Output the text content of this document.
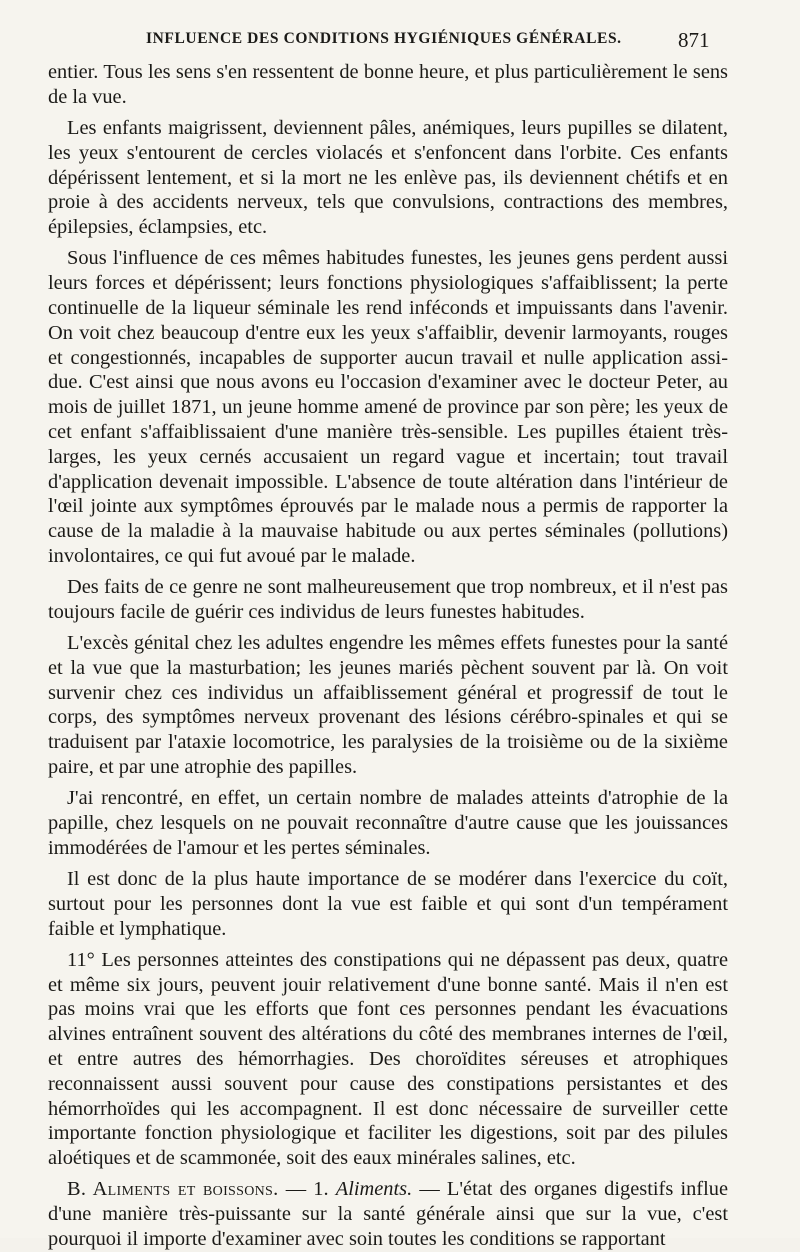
INFLUENCE DES CONDITIONS HYGIÉNIQUES GÉNÉRALES.	871

entier. Tous les sens s'en ressentent de bonne heure, et plus particulièrement le sens de la vue.

Les enfants maigrissent, deviennent pâles, anémiques, leurs pupilles se dilatent, les yeux s'entourent de cercles violacés et s'enfoncent dans l'orbite. Ces enfants dépérissent lentement, et si la mort ne les enlève pas, ils deviennent chétifs et en proie à des accidents nerveux, tels que convulsions, contractions des membres, épilepsies, éclampsies, etc.

Sous l'influence de ces mêmes habitudes funestes, les jeunes gens perdent aussi leurs forces et dépérissent; leurs fonctions physiologiques s'affaiblissent; la perte continuelle de la liqueur séminale les rend inféconds et impuissants dans l'avenir. On voit chez beaucoup d'entre eux les yeux s'affaiblir, devenir larmoyants, rouges et congestionnés, incapables de supporter aucun travail et nulle application assi-due. C'est ainsi que nous avons eu l'occasion d'examiner avec le docteur Peter, au mois de juillet 1871, un jeune homme amené de province par son père; les yeux de cet enfant s'affaiblissaient d'une manière très-sensible. Les pupilles étaient très-larges, les yeux cernés accusaient un regard vague et incertain; tout travail d'application devenait impossible. L'absence de toute altération dans l'intérieur de l'œil jointe aux symptômes éprouvés par le malade nous a permis de rapporter la cause de la maladie à la mauvaise habitude ou aux pertes séminales (pollutions) involontaires, ce qui fut avoué par le malade.

Des faits de ce genre ne sont malheureusement que trop nombreux, et il n'est pas toujours facile de guérir ces individus de leurs funestes habitudes.

L'excès génital chez les adultes engendre les mêmes effets funestes pour la santé et la vue que la masturbation; les jeunes mariés pèchent souvent par là. On voit survenir chez ces individus un affaiblissement général et progressif de tout le corps, des symptômes nerveux provenant des lésions cérébro-spinales et qui se traduisent par l'ataxie locomotrice, les paralysies de la troisième ou de la sixième paire, et par une atrophie des papilles.

J'ai rencontré, en effet, un certain nombre de malades atteints d'atrophie de la papille, chez lesquels on ne pouvait reconnaître d'autre cause que les jouissances immodérées de l'amour et les pertes séminales.

Il est donc de la plus haute importance de se modérer dans l'exercice du coït, surtout pour les personnes dont la vue est faible et qui sont d'un tempérament faible et lymphatique.

11° Les personnes atteintes des constipations qui ne dépassent pas deux, quatre et même six jours, peuvent jouir relativement d'une bonne santé. Mais il n'en est pas moins vrai que les efforts que font ces personnes pendant les évacuations alvines entraînent souvent des altérations du côté des membranes internes de l'œil, et entre autres des hémorrhagies. Des choroïdites séreuses et atrophiques reconnaissent aussi souvent pour cause des constipations persistantes et des hémorrhoïdes qui les accompagnent. Il est donc nécessaire de surveiller cette importante fonction physiologique et faciliter les digestions, soit par des pilules aloétiques et de scammonée, soit des eaux minérales salines, etc.

B. Aliments et boissons. — 1. Aliments. — L'état des organes digestifs influe d'une manière très-puissante sur la santé générale ainsi que sur la vue, c'est pourquoi il importe d'examiner avec soin toutes les conditions se rapportant
